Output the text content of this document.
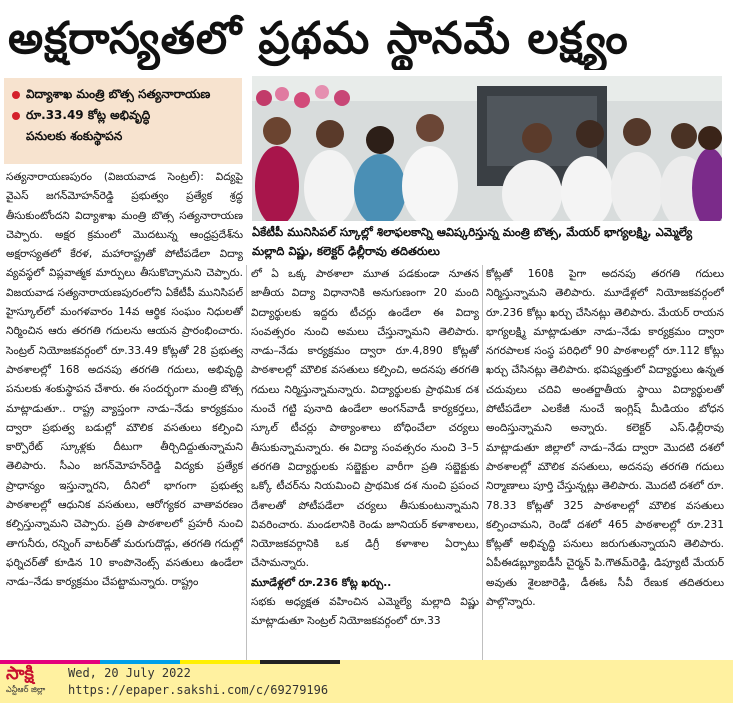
అక్షరాస్యతలో ప్రథమ స్థానమే లక్ష్యం
విద్యాశాఖ మంత్రి బొత్స సత్యనారాయణ
రూ.33.49 కోట్ల అభివృద్ధి
పనులకు శంకుస్థాపన
ఏకేటీపీ మునిసిపల్ స్కూల్లో శిలాఫలకాన్ని ఆవిష్కరిస్తున్న మంత్రి బొత్స, మేయర్ భాగ్యలక్ష్మి, ఎమ్మెల్యే మల్లాది విష్ణు, కలెక్టర్ ఢిల్లీరావు తదితరులు

సత్యనారాయణపురం (విజయవాడ సెంట్రల్): విద్యపై వైఎస్ జగన్‌మోహన్‌రెడ్డి ప్రభుత్వం ప్రత్యేక శ్రద్ధ తీసుకుంటోందని విద్యాశాఖ మంత్రి బొత్స సత్యనారాయణ చెప్పారు. అక్షర క్రమంలో మొదటున్న ఆంధ్రప్రదేశ్‌ను అక్షరాస్యతలో కేరళ, మహారాష్ట్రతో పోటీపడేలా విద్యా వ్యవస్థలో విప్లవాత్మక మార్పులు తీసుకొచ్చామని చెప్పారు. విజయవాడ సత్యనారాయణపురంలోని ఏకేటీపీ మునిసిపల్ హైస్కూల్‌లో మంగళవారం 14వ ఆర్థిక సంఘం నిధులతో నిర్మించిన ఆరు తరగతి గదులను ఆయన ప్రారంభించారు. సెంట్రల్ నియోజకవర్గంలో రూ.33.49 కోట్లతో 28 ప్రభుత్వ పాఠశాలల్లో 168 అదనపు తరగతి గదులు, అభివృద్ధి పనులకు శంకుస్థాపన చేశారు. ఈ సందర్భంగా మంత్రి బొత్స మాట్లాడుతూ.. రాష్ట్ర వ్యాప్తంగా నాడు–నేడు కార్యక్రమం ద్వారా ప్రభుత్వ బడుల్లో మౌలిక వసతులు కల్పించి కార్పొరేట్ స్కూళ్లకు దీటుగా తీర్చిదిద్దుతున్నామని తెలిపారు. సీఎం జగన్‌మోహన్‌రెడ్డి విద్యకు ప్రత్యేక ప్రాధాన్యం ఇస్తున్నారని, దీనిలో భాగంగా ప్రభుత్వ పాఠశాలల్లో ఆధునిక వసతులు, ఆరోగ్యకర వాతావరణం కల్పిస్తున్నామని చెప్పారు. ప్రతి పాఠశాలలో ప్రహరీ నుంచి తాగునీరు, రన్నింగ్ వాటర్‌తో మరుగుదొడ్లు, తరగతి గదుల్లో ఫర్నిచర్‌తో కూడిన 10 కాంపొనెంట్స్ వసతులు ఉండేలా నాడు–నేడు కార్యక్రమం చేపట్టామన్నారు. రాష్ట్రం

లో ఏ ఒక్క పాఠశాలా మూత పడకుండా నూతన జాతీయ విద్యా విధానానికి అనుగుణంగా 20 మంది విద్యార్థులకు ఇద్దరు టీచర్లు ఉండేలా ఈ విద్యా సంవత్సరం నుంచి అమలు చేస్తున్నామని తెలిపారు. నాడు–నేడు కార్యక్రమం ద్వారా రూ.4,890 కోట్లతో పాఠశాలల్లో మౌలిక వసతులు కల్పించి, అదనపు తరగతి గదులు నిర్మిస్తున్నామన్నారు. విద్యార్థులకు ప్రాథమిక దశ నుంచే గట్టి పునాది ఉండేలా అంగన్‌వాడీ కార్యకర్తలు, స్కూల్ టీచర్లు పాఠ్యాంశాలు బోధించేలా చర్యలు తీసుకున్నామన్నారు. ఈ విద్యా సంవత్సరం నుంచి 3–5 తరగతి విద్యార్థులకు సబ్జెక్టుల వారీగా ప్రతి సబ్జెక్టుకు ఒక్కో టీచర్‌ను నియమించి ప్రాథమిక దశ నుంచి ప్రపంచ దేశాలతో పోటీపడేలా చర్యలు తీసుకుంటున్నామని వివరించారు. మండలానికి రెండు జూనియర్ కళాశాలలు, నియోజకవర్గానికి ఒక డిగ్రీ కళాశాల ఏర్పాటు చేసామన్నారు.

మూడేళ్లలో రూ.236 కోట్ల ఖర్చు..

సభకు అధ్యక్షత వహించిన ఎమ్మెల్యే మల్లాది విష్ణు మాట్లాడుతూ సెంట్రల్ నియోజకవర్గంలో రూ.33

కోట్లతో 160కి పైగా అదనపు తరగతి గదులు నిర్మిస్తున్నామని తెలిపారు. మూడేళ్లలో నియోజకవర్గంలో రూ.236 కోట్లు ఖర్చు చేసినట్లు తెలిపారు. మేయర్ రాయన భాగ్యలక్ష్మి మాట్లాడుతూ నాడు–నేడు కార్యక్రమం ద్వారా నగరపాలక సంస్థ పరిధిలో 90 పాఠశాలల్లో రూ.112 కోట్లు ఖర్చు చేసినట్లు తెలిపారు. భవిష్యత్తులో విద్యార్థులు ఉన్నత చదువులు చదివి అంతర్జాతీయ స్థాయి విద్యార్థులతో పోటీపడేలా ఎలకేజీ నుంచే ఇంగ్లిష్ మీడియం బోధన అందిస్తున్నామని అన్నారు. కలెక్టర్ ఎస్.ఢిల్లీరావు మాట్లాడుతూ జిల్లాలో నాడు–నేడు ద్వారా మొదటి దశలో పాఠశాలల్లో మౌలిక వసతులు, అదనపు తరగతి గదులు నిర్మాణాలు పూర్తి చేస్తున్నట్లు తెలిపారు. మొదటి దశలో రూ. 78.33 కోట్లతో 325 పాఠశాలల్లో మౌలిక వసతులు కల్పించామని, రెండో దశలో 465 పాఠశాలల్లో రూ.231 కోట్లతో అభివృద్ధి పనులు జరుగుతున్నాయని తెలిపారు. ఏపీఈడబ్ల్యూఐడీసీ చైర్మన్ పి.గౌతమ్‌రెడ్డి, డిప్యూటీ మేయర్ అవుతు శైలజారెడ్డి, డీఈఓ సీవీ రేణుక తదితరులు పాల్గొన్నారు.

సాక్షి
ఎన్టీఆర్ జిల్లా
Wed, 20 July 2022
https://epaper.sakshi.com/c/69279196
